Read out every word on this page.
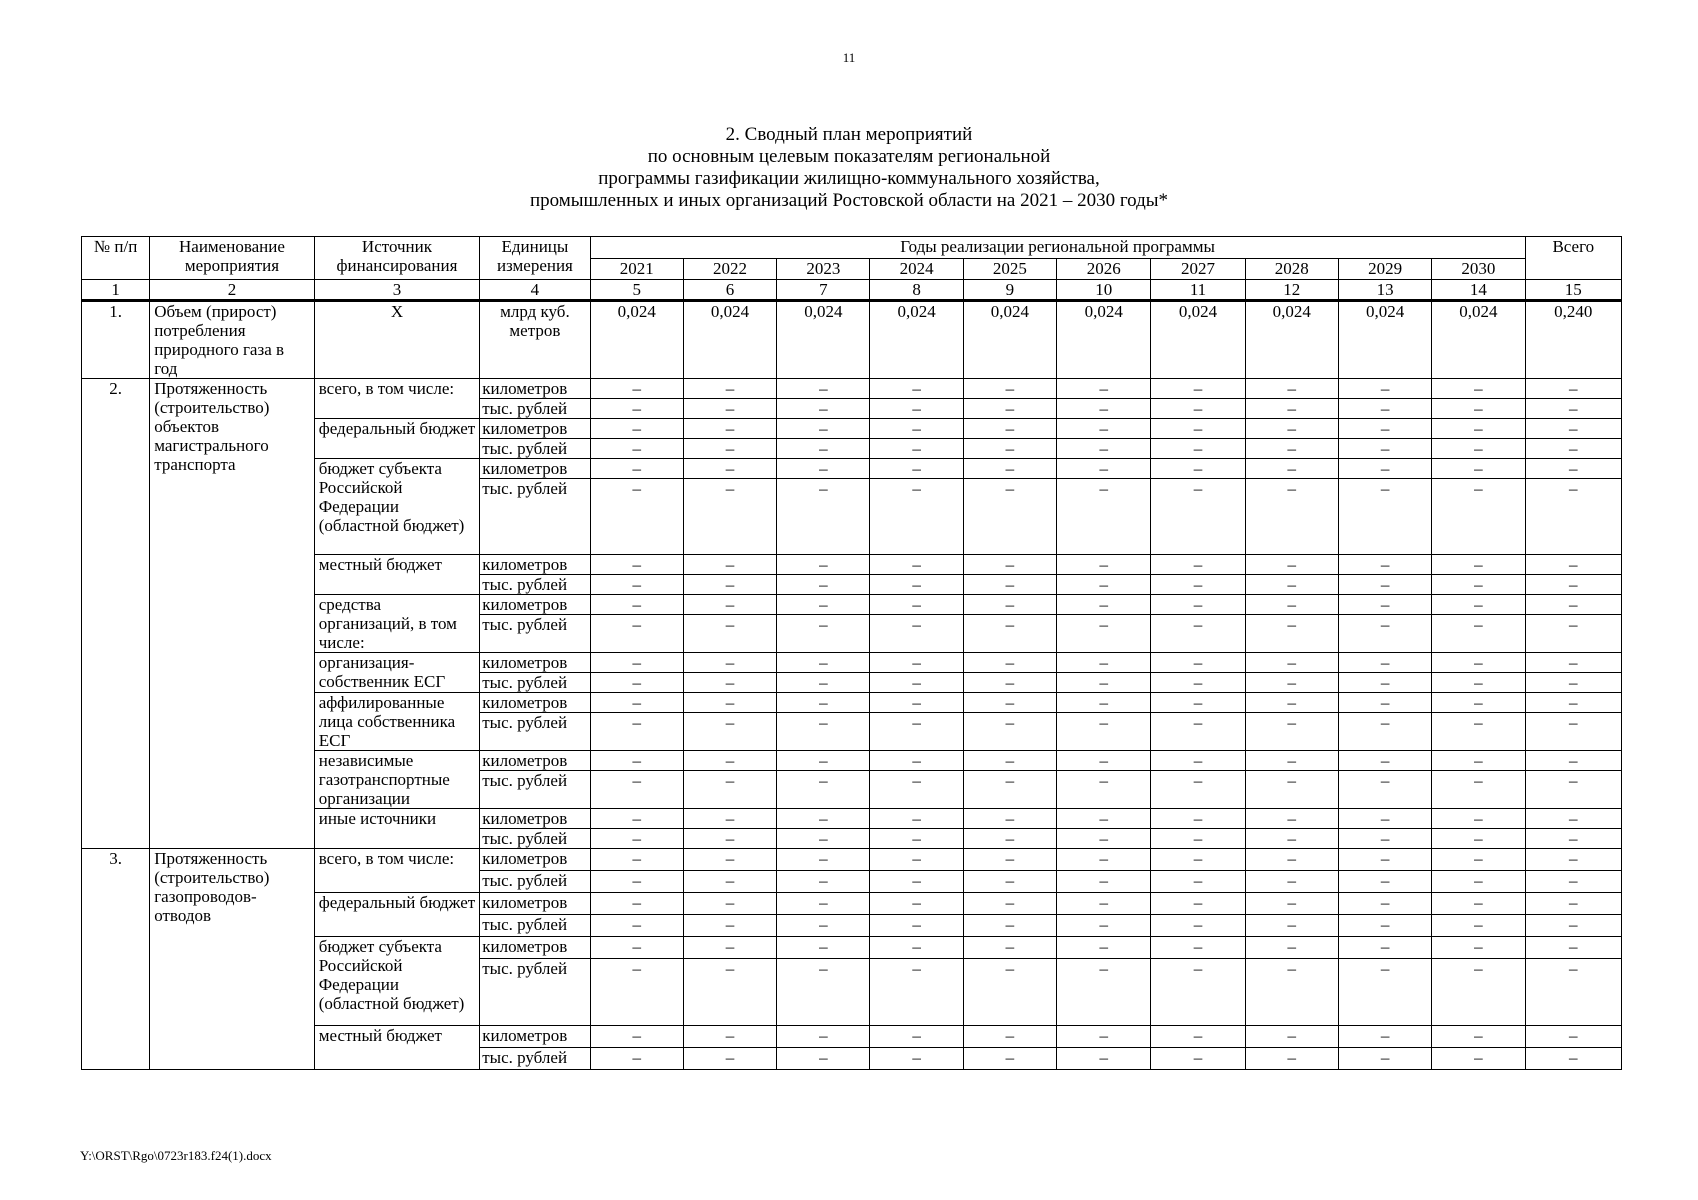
11
2. Сводный план мероприятий
по основным целевым показателям региональной
программы газификации жилищно-коммунального хозяйства,
промышленных и иных организаций Ростовской области на 2021 – 2030 годы*
№ п/п	Наименование мероприятия	Источник финансирования	Единицы измерения	Годы реализации региональной программы										Всего
				2021	2022	2023	2024	2025	2026	2027	2028	2029	2030	
1	2	3	4	5	6	7	8	9	10	11	12	13	14	15
1.	Объем (прирост) потребления природного газа в год	Х	млрд куб. метров	0,024	0,024	0,024	0,024	0,024	0,024	0,024	0,024	0,024	0,024	0,240
2.	Протяженность (строительство) объектов магистрального транспорта	всего, в том числе:	километров	–	–	–	–	–	–	–	–	–	–	–
			тыс. рублей	–	–	–	–	–	–	–	–	–	–	–
		федеральный бюджет	километров	–	–	–	–	–	–	–	–	–	–	–
			тыс. рублей	–	–	–	–	–	–	–	–	–	–	–
		бюджет субъекта Российской Федерации (областной бюджет)	километров	–	–	–	–	–	–	–	–	–	–	–
			тыс. рублей	–	–	–	–	–	–	–	–	–	–	–
		местный бюджет	километров	–	–	–	–	–	–	–	–	–	–	–
			тыс. рублей	–	–	–	–	–	–	–	–	–	–	–
		средства организаций, в том числе:	километров	–	–	–	–	–	–	–	–	–	–	–
			тыс. рублей	–	–	–	–	–	–	–	–	–	–	–
		организация-собственник ЕСГ	километров	–	–	–	–	–	–	–	–	–	–	–
			тыс. рублей	–	–	–	–	–	–	–	–	–	–	–
		аффилированные лица собственника ЕСГ	километров	–	–	–	–	–	–	–	–	–	–	–
			тыс. рублей	–	–	–	–	–	–	–	–	–	–	–
		независимые газотранспортные организации	километров	–	–	–	–	–	–	–	–	–	–	–
			тыс. рублей	–	–	–	–	–	–	–	–	–	–	–
		иные источники	километров	–	–	–	–	–	–	–	–	–	–	–
			тыс. рублей	–	–	–	–	–	–	–	–	–	–	–
3.	Протяженность (строительство) газопроводов-отводов	всего, в том числе:	километров	–	–	–	–	–	–	–	–	–	–	–
			тыс. рублей	–	–	–	–	–	–	–	–	–	–	–
		федеральный бюджет	километров	–	–	–	–	–	–	–	–	–	–	–
			тыс. рублей	–	–	–	–	–	–	–	–	–	–	–
		бюджет субъекта Российской Федерации (областной бюджет)	километров	–	–	–	–	–	–	–	–	–	–	–
			тыс. рублей	–	–	–	–	–	–	–	–	–	–	–
		местный бюджет	километров	–	–	–	–	–	–	–	–	–	–	–
			тыс. рублей	–	–	–	–	–	–	–	–	–	–	–
Y:\ORST\Rgo\0723r183.f24(1).docx
